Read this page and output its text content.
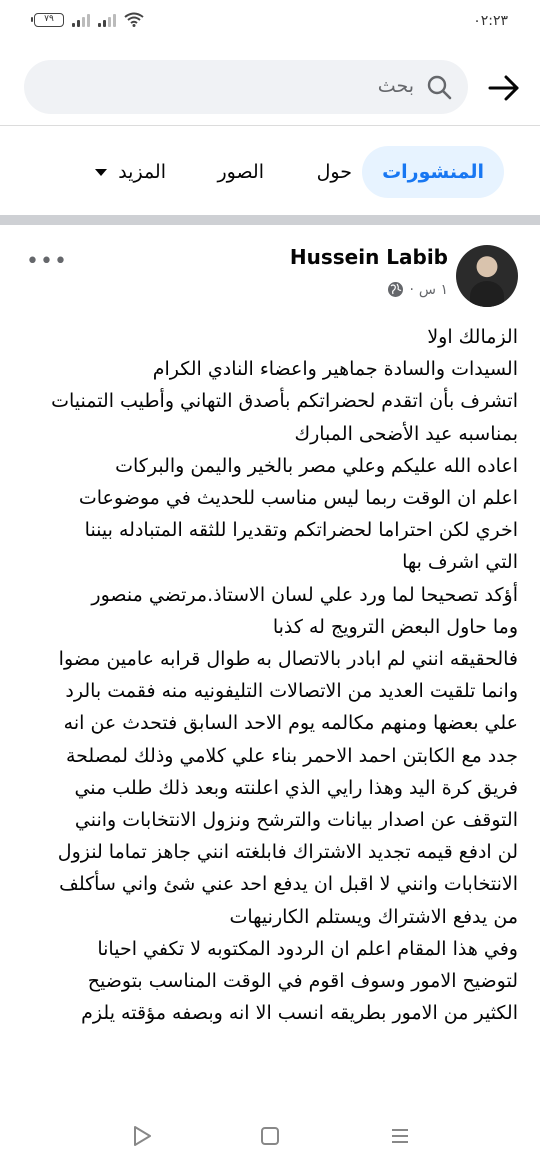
٧٩	٠٢:٢٣
بحث
المنشورات
حول
الصور
المزيد
Hussein Labib
١ س
·
•••
الزمالك اولا
السيدات والسادة جماهير واعضاء النادي الكرام
اتشرف بأن اتقدم لحضراتكم بأصدق التهاني وأطيب التمنيات
بمناسبه عيد الأضحى المبارك
اعاده الله عليكم وعلي مصر بالخير واليمن والبركات
اعلم ان الوقت ربما ليس مناسب للحديث في موضوعات
اخري لكن احتراما لحضراتكم وتقديرا للثقه المتبادله بيننا
التي اشرف بها
أؤكد تصحيحا لما ورد علي لسان الاستاذ.مرتضي منصور
وما حاول البعض الترويج له كذبا
فالحقيقه انني لم ابادر بالاتصال به طوال قرابه عامين مضوا
وانما تلقيت العديد من الاتصالات التليفونيه منه فقمت بالرد
علي بعضها ومنهم مكالمه يوم الاحد السابق فتحدث عن انه
جدد مع الكابتن احمد الاحمر بناء علي كلامي وذلك لمصلحة
فريق كرة اليد وهذا رايي الذي اعلنته وبعد ذلك طلب مني
التوقف عن اصدار بيانات والترشح ونزول الانتخابات وانني
لن ادفع قيمه تجديد الاشتراك فابلغته انني جاهز تماما لنزول
الانتخابات وانني لا اقبل ان يدفع احد عني شئ واني سأكلف
من يدفع الاشتراك ويستلم الكارنيهات
وفي هذا المقام اعلم ان الردود المكتوبه لا تكفي احيانا
لتوضيح الامور وسوف اقوم في الوقت المناسب بتوضيح
الكثير من الامور بطريقه انسب الا انه وبصفه مؤقته يلزم
